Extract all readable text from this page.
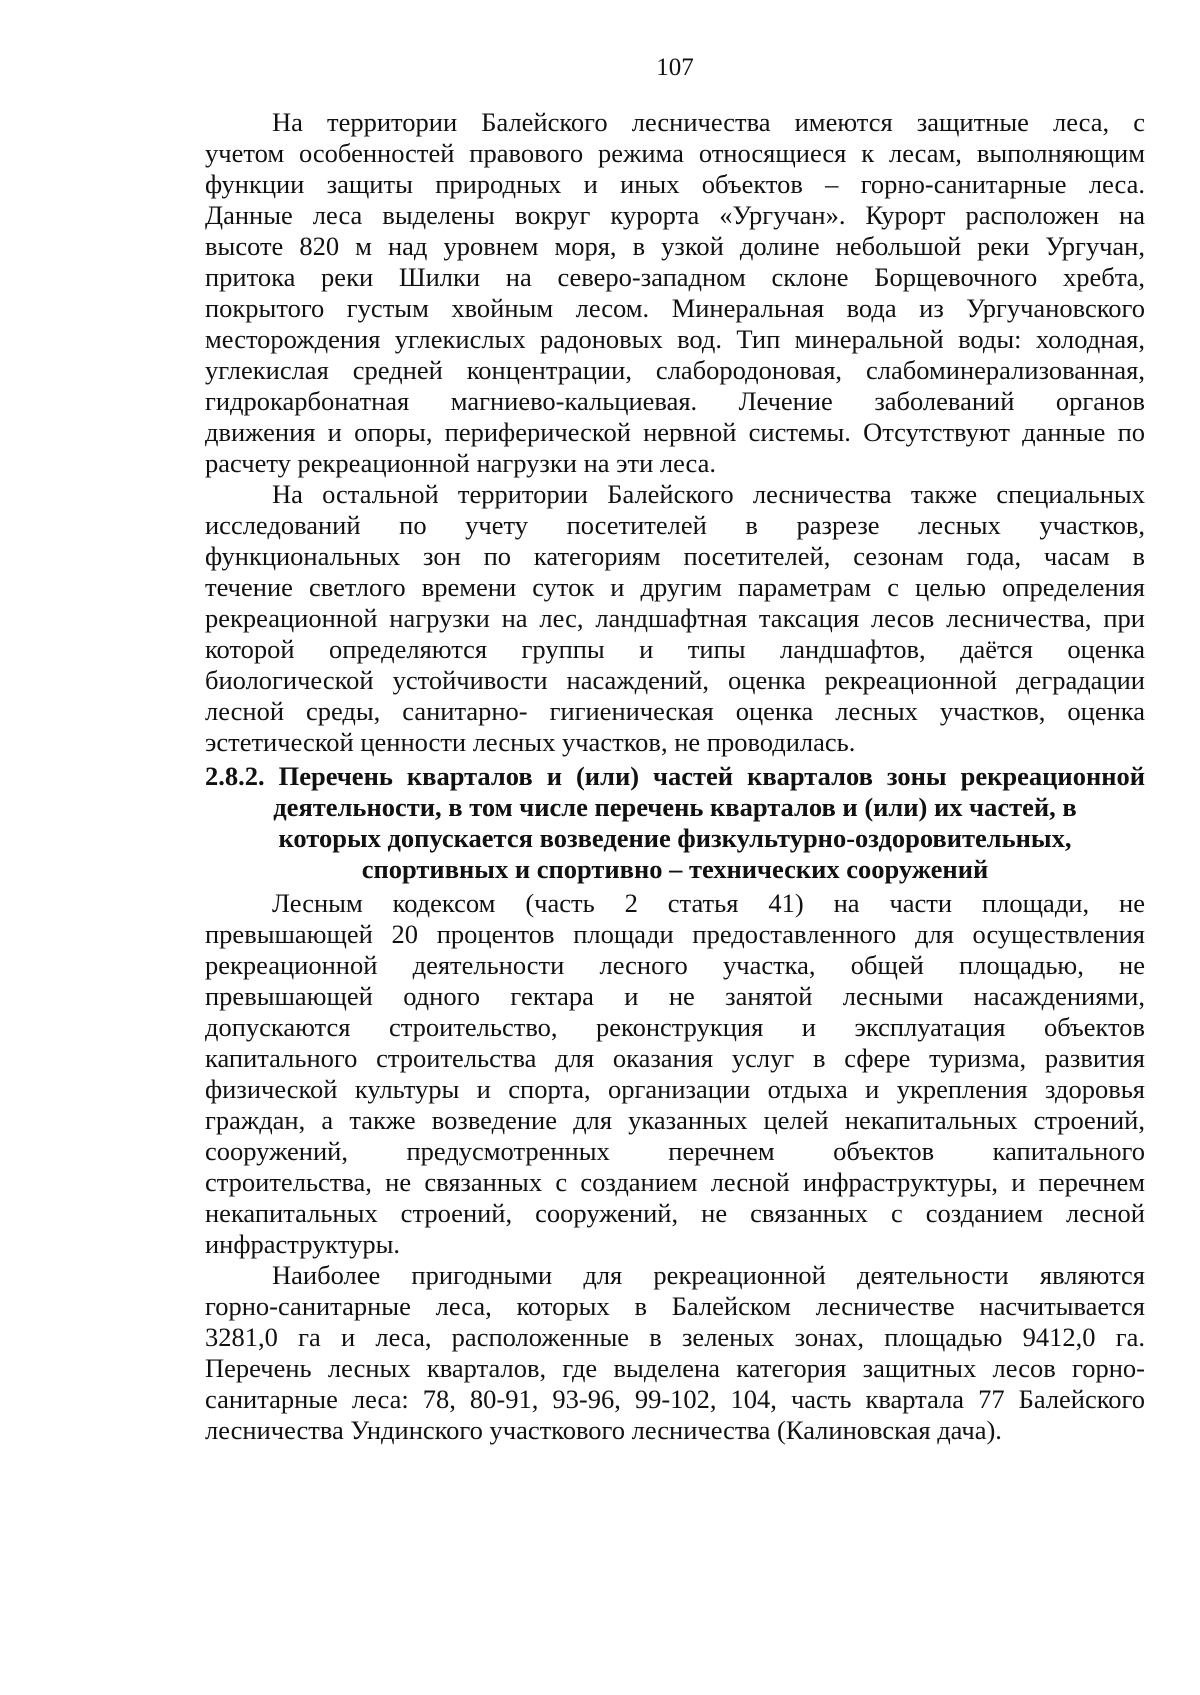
107
На территории Балейского лесничества имеются защитные леса, с
учетом особенностей правового режима относящиеся к лесам, выполняющим
функции защиты природных и иных объектов – горно-санитарные леса.
Данные леса выделены вокруг курорта «Ургучан». Курорт расположен на
высоте 820 м над уровнем моря, в узкой долине небольшой реки Ургучан,
притока реки Шилки на северо-западном склоне Борщевочного хребта,
покрытого густым хвойным лесом. Минеральная вода из Ургучановского
месторождения углекислых радоновых вод. Тип минеральной воды: холодная,
углекислая средней концентрации, слабородоновая, слабоминерализованная,
гидрокарбонатная магниево-кальциевая. Лечение заболеваний органов
движения и опоры, периферической нервной системы. Отсутствуют данные по
расчету рекреационной нагрузки на эти леса.
На остальной территории Балейского лесничества также специальных
исследований по учету посетителей в разрезе лесных участков,
функциональных зон по категориям посетителей, сезонам года, часам в
течение светлого времени суток и другим параметрам с целью определения
рекреационной нагрузки на лес, ландшафтная таксация лесов лесничества, при
которой определяются группы и типы ландшафтов, даётся оценка
биологической устойчивости насаждений, оценка рекреационной деградации
лесной среды, санитарно- гигиеническая оценка лесных участков, оценка
эстетической ценности лесных участков, не проводилась.
2.8.2. Перечень кварталов и (или) частей кварталов зоны рекреационной
деятельности, в том числе перечень кварталов и (или) их частей, в
которых допускается возведение физкультурно-оздоровительных,
спортивных и спортивно – технических сооружений
Лесным кодексом (часть 2 статья 41) на части площади, не
превышающей 20 процентов площади предоставленного для осуществления
рекреационной деятельности лесного участка, общей площадью, не
превышающей одного гектара и не занятой лесными насаждениями,
допускаются строительство, реконструкция и эксплуатация объектов
капитального строительства для оказания услуг в сфере туризма, развития
физической культуры и спорта, организации отдыха и укрепления здоровья
граждан, а также возведение для указанных целей некапитальных строений,
сооружений, предусмотренных перечнем объектов капитального
строительства, не связанных с созданием лесной инфраструктуры, и перечнем
некапитальных строений, сооружений, не связанных с созданием лесной
инфраструктуры.
Наиболее пригодными для рекреационной деятельности являются
горно-санитарные леса, которых в Балейском лесничестве насчитывается
3281,0 га и леса, расположенные в зеленых зонах, площадью 9412,0 га.
Перечень лесных кварталов, где выделена категория защитных лесов горно-
санитарные леса: 78, 80-91, 93-96, 99-102, 104, часть квартала 77 Балейского
лесничества Ундинского участкового лесничества (Калиновская дача).
